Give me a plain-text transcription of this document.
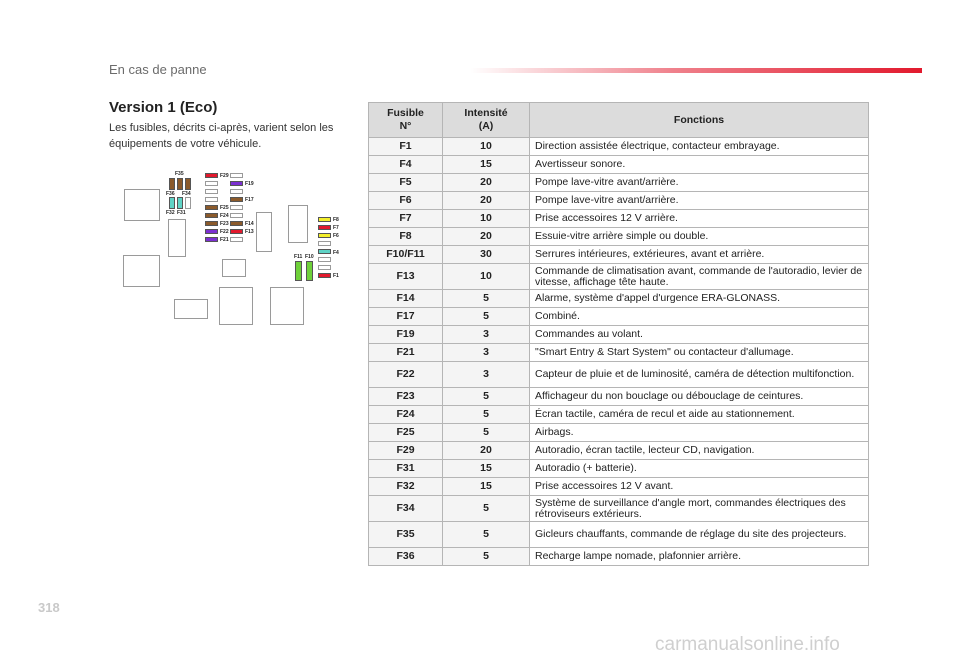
En cas de panne
Version 1 (Eco)
Les fusibles, décrits ci-après, varient selon les équipements de votre véhicule.
F35
F36 F34
F32 F31
F29
F19
F17
F25
F24
F23	F14
F22	F13
F21
F8
F7
F6
F4
F1
F11 F10
Fusible
N°	Intensité
(A)	Fonctions
F1	10	Direction assistée électrique, contacteur embrayage.
F4	15	Avertisseur sonore.
F5	20	Pompe lave-vitre avant/arrière.
F6	20	Pompe lave-vitre avant/arrière.
F7	10	Prise accessoires 12 V arrière.
F8	20	Essuie-vitre arrière simple ou double.
F10/F11	30	Serrures intérieures, extérieures, avant et arrière.
F13	10	Commande de climatisation avant, commande de l'autoradio, levier de vitesse, affichage tête haute.
F14	5	Alarme, système d'appel d'urgence ERA-GLONASS.
F17	5	Combiné.
F19	3	Commandes au volant.
F21	3	"Smart Entry & Start System" ou contacteur d'allumage.
F22	3	Capteur de pluie et de luminosité, caméra de détection multifonction.
F23	5	Affichageur du non bouclage ou débouclage de ceintures.
F24	5	Écran tactile, caméra de recul et aide au stationnement.
F25	5	Airbags.
F29	20	Autoradio, écran tactile, lecteur CD, navigation.
F31	15	Autoradio (+ batterie).
F32	15	Prise accessoires 12 V avant.
F34	5	Système de surveillance d'angle mort, commandes électriques des rétroviseurs extérieurs.
F35	5	Gicleurs chauffants, commande de réglage du site des projecteurs.
F36	5	Recharge lampe nomade, plafonnier arrière.
318
carmanualsonline.info
